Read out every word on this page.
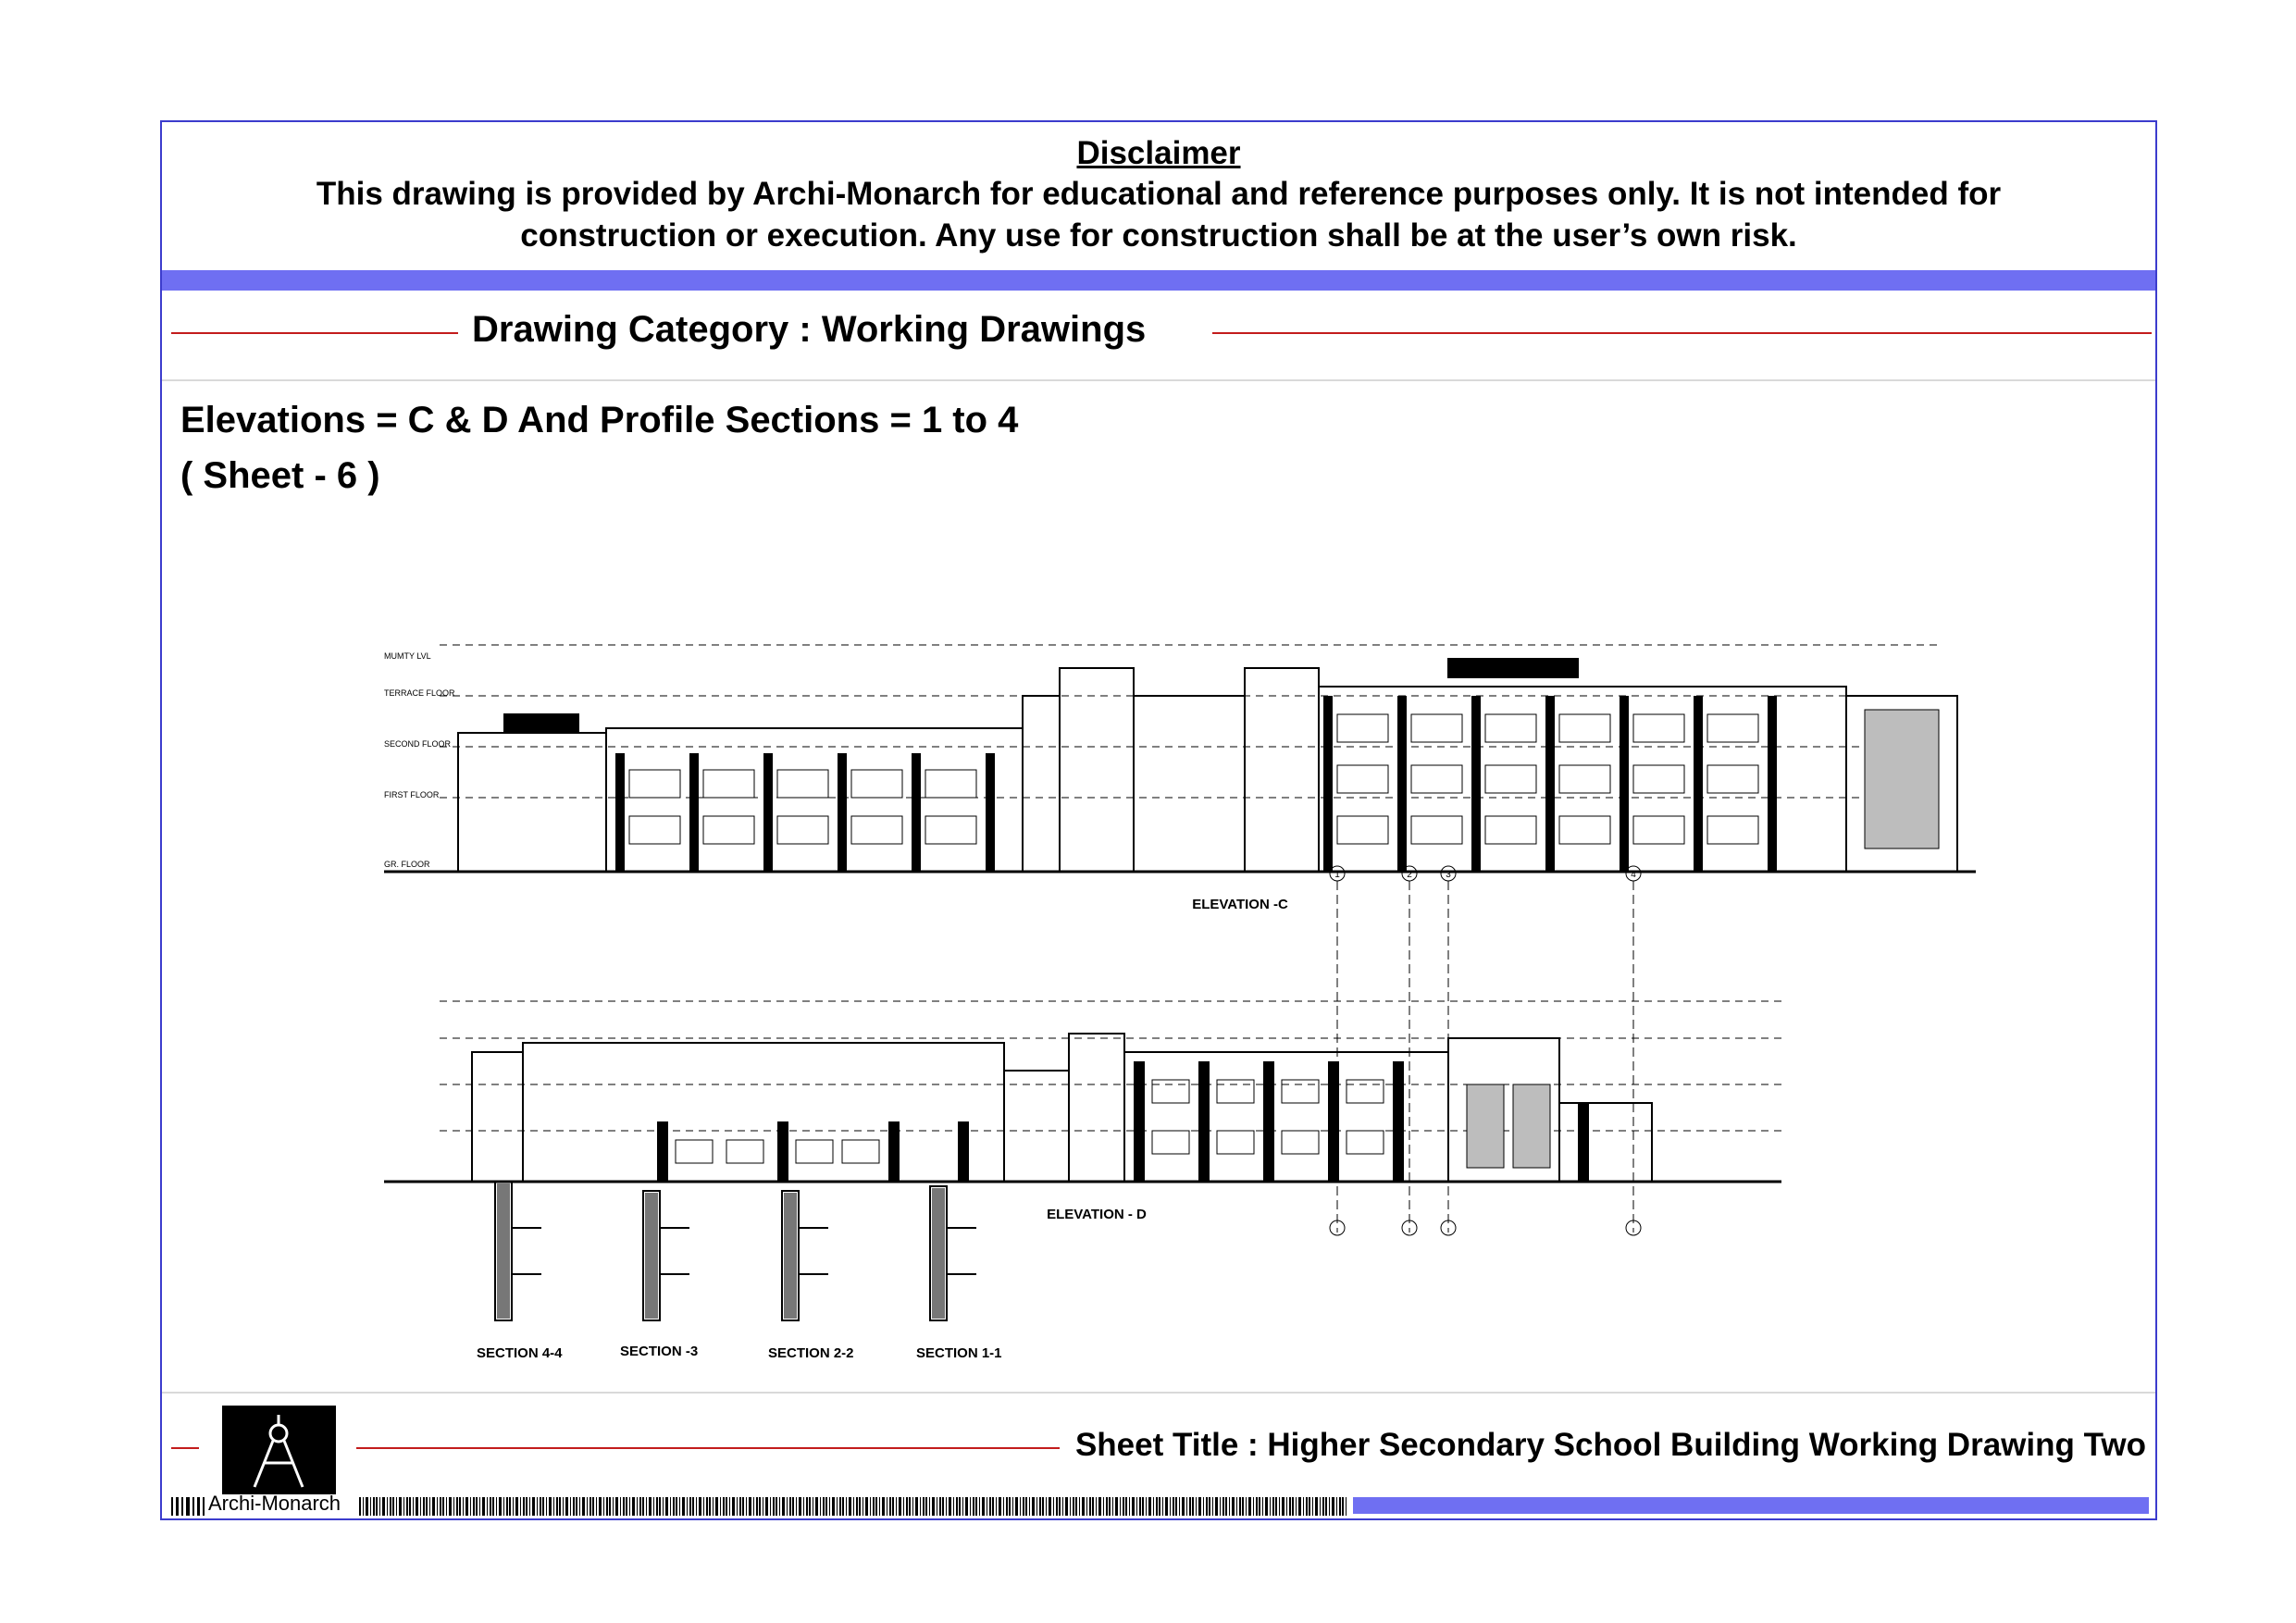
Disclaimer
This drawing is provided by Archi-Monarch for educational and reference purposes only. It is not intended for
construction or execution. Any use for construction shall be at the user’s own risk.
Drawing Category : Working Drawings
Elevations = C & D And Profile Sections = 1 to 4
( Sheet - 6 )
ELEVATION -C
MUMTY LVL
TERRACE FLOOR
SECOND FLOOR
FIRST FLOOR
GR. FLOOR
1	2	3	4
ELEVATION - D
SECTION 4-4	SECTION -3	SECTION 2-2	SECTION 1-1
Sheet Title : Higher Secondary School Building Working Drawing Two
Archi-Monarch
